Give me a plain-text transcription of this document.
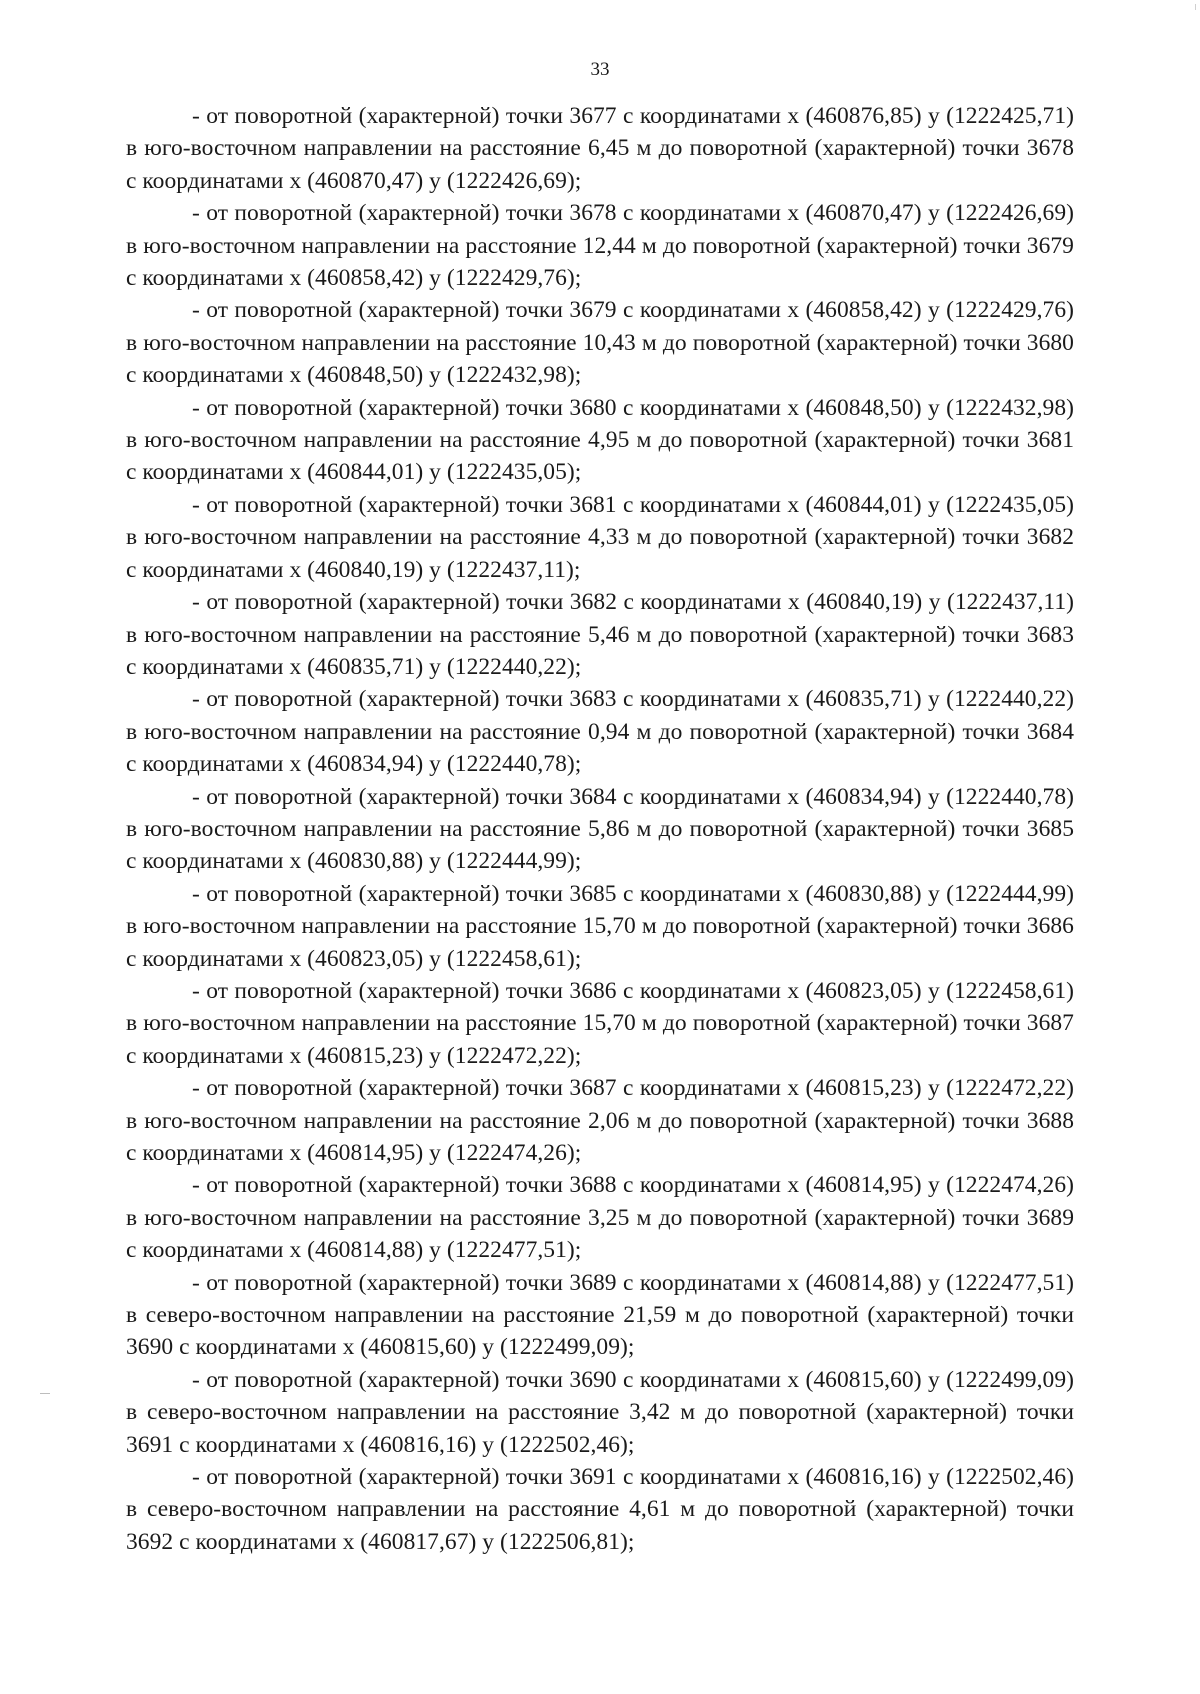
33

- от поворотной (характерной) точки 3677 с координатами x (460876,85) y (1222425,71) в юго-восточном направлении на расстояние 6,45 м до поворотной (характерной) точки 3678 с координатами x (460870,47) y (1222426,69);

- от поворотной (характерной) точки 3678 с координатами x (460870,47) y (1222426,69) в юго-восточном направлении на расстояние 12,44 м до поворотной (характерной) точки 3679 с координатами x (460858,42) y (1222429,76);

- от поворотной (характерной) точки 3679 с координатами x (460858,42) y (1222429,76) в юго-восточном направлении на расстояние 10,43 м до поворотной (характерной) точки 3680 с координатами x (460848,50) y (1222432,98);

- от поворотной (характерной) точки 3680 с координатами x (460848,50) y (1222432,98) в юго-восточном направлении на расстояние 4,95 м до поворотной (характерной) точки 3681 с координатами x (460844,01) y (1222435,05);

- от поворотной (характерной) точки 3681 с координатами x (460844,01) y (1222435,05) в юго-восточном направлении на расстояние 4,33 м до поворотной (характерной) точки 3682 с координатами x (460840,19) y (1222437,11);

- от поворотной (характерной) точки 3682 с координатами x (460840,19) y (1222437,11) в юго-восточном направлении на расстояние 5,46 м до поворотной (характерной) точки 3683 с координатами x (460835,71) y (1222440,22);

- от поворотной (характерной) точки 3683 с координатами x (460835,71) y (1222440,22) в юго-восточном направлении на расстояние 0,94 м до поворотной (характерной) точки 3684 с координатами x (460834,94) y (1222440,78);

- от поворотной (характерной) точки 3684 с координатами x (460834,94) y (1222440,78) в юго-восточном направлении на расстояние 5,86 м до поворотной (характерной) точки 3685 с координатами x (460830,88) y (1222444,99);

- от поворотной (характерной) точки 3685 с координатами x (460830,88) y (1222444,99) в юго-восточном направлении на расстояние 15,70 м до поворотной (характерной) точки 3686 с координатами x (460823,05) y (1222458,61);

- от поворотной (характерной) точки 3686 с координатами x (460823,05) y (1222458,61) в юго-восточном направлении на расстояние 15,70 м до поворотной (характерной) точки 3687 с координатами x (460815,23) y (1222472,22);

- от поворотной (характерной) точки 3687 с координатами x (460815,23) y (1222472,22) в юго-восточном направлении на расстояние 2,06 м до поворотной (характерной) точки 3688 с координатами x (460814,95) y (1222474,26);

- от поворотной (характерной) точки 3688 с координатами x (460814,95) y (1222474,26) в юго-восточном направлении на расстояние 3,25 м до поворотной (характерной) точки 3689 с координатами x (460814,88) y (1222477,51);

- от поворотной (характерной) точки 3689 с координатами x (460814,88) y (1222477,51) в северо-восточном направлении на расстояние 21,59 м до поворотной (характерной) точки 3690 с координатами x (460815,60) y (1222499,09);

- от поворотной (характерной) точки 3690 с координатами x (460815,60) y (1222499,09) в северо-восточном направлении на расстояние 3,42 м до поворотной (характерной) точки 3691 с координатами x (460816,16) y (1222502,46);

- от поворотной (характерной) точки 3691 с координатами x (460816,16) y (1222502,46) в северо-восточном направлении на расстояние 4,61 м до поворотной (характерной) точки 3692 с координатами x (460817,67) y (1222506,81);
